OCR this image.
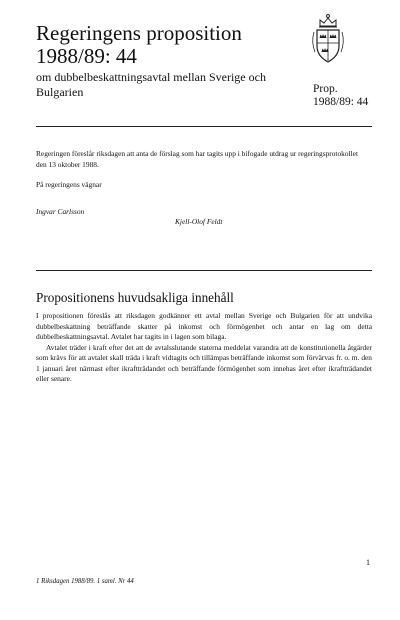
Regeringens proposition
1988/89: 44
om dubbelbeskattningsavtal mellan Sverige och Bulgarien	Prop.
1988/89: 44
Regeringen föreslår riksdagen att anta de förslag som har tagits upp i bifogade utdrag ur regeringsprotokollet den 13 oktober 1988.
På regeringens vägnar
Ingvar Carlsson
Kjell-Olof Feldt
Propositionens huvudsakliga innehåll

I propositionen föreslås att riksdagen godkänner ett avtal mellan Sverige och Bulgarien för att undvika dubbelbeskattning beträffande skatter på inkomst och förmögenhet och antar en lag om detta dubbelbeskattningsavtal. Avtalet har tagits in i lagen som bilaga.

Avtalet träder i kraft efter det att de avtalsslutande staterna meddelat varandra att de konstitutionella åtgärder som krävs för att avtalet skall träda i kraft vidtagits och tillämpas beträffande inkomst som förvärvas fr. o. m. den 1 januari året närmast efter ikraftträdandet och beträffande förmögenhet som innehas året efter ikraftträdandet eller senare.

1
1 Riksdagen 1988/89. 1 saml. Nr 44
